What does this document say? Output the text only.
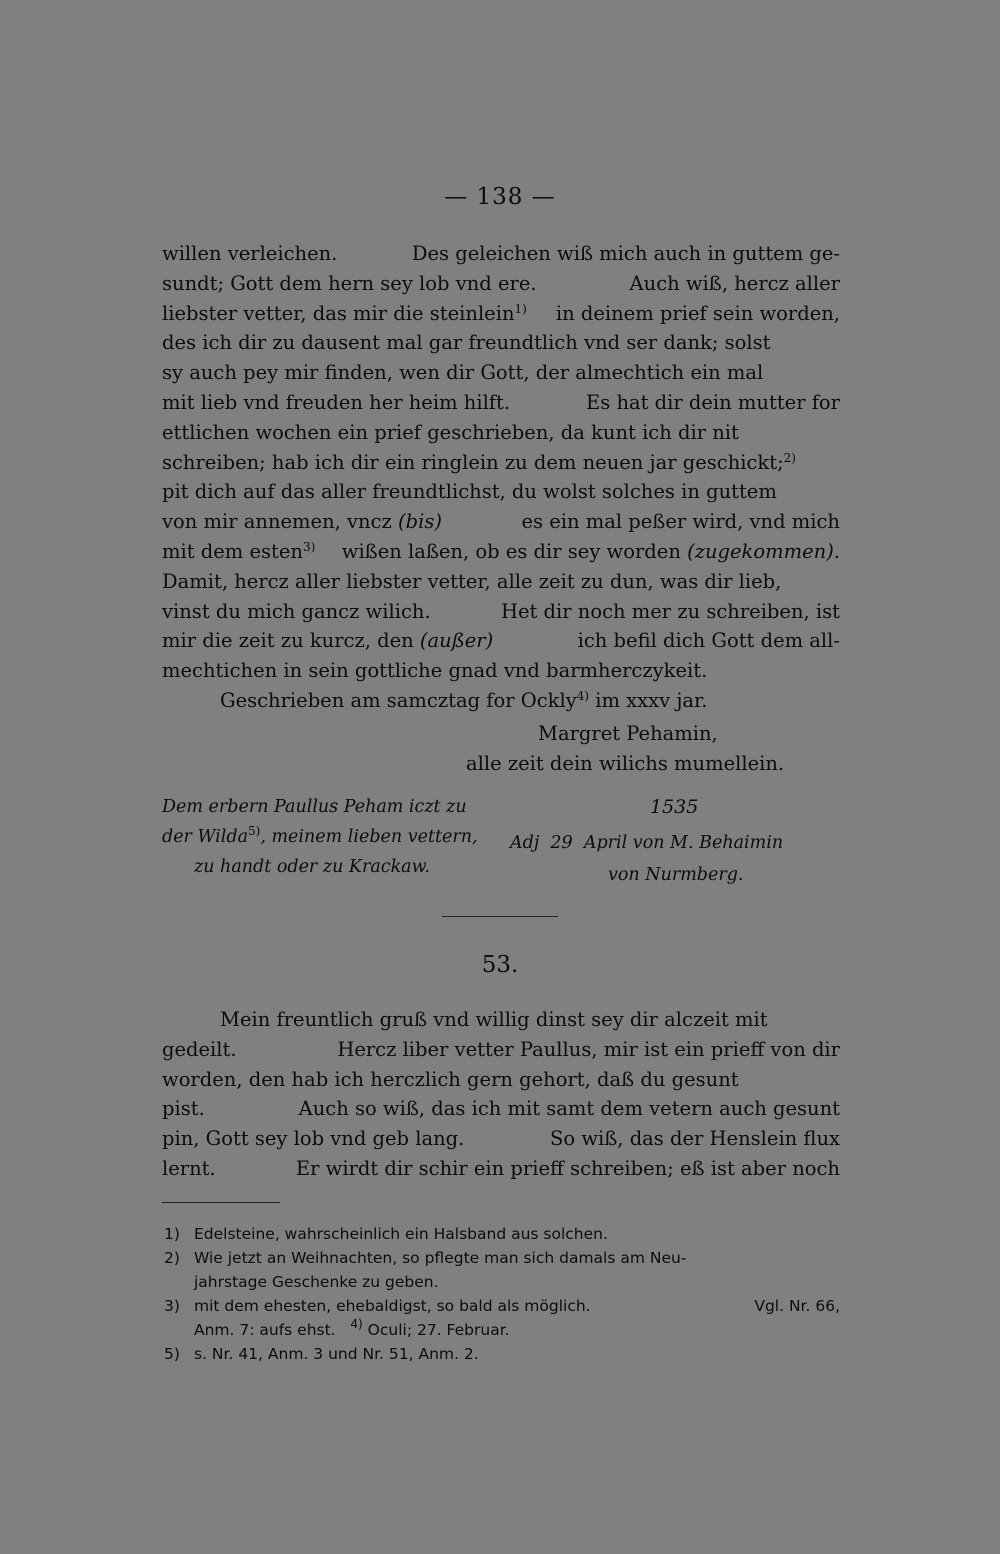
— 138 —
willen verleichen.	Des geleichen wiß mich auch in guttem ge-
sundt; Gott dem hern sey lob vnd ere.	Auch wiß, hercz aller
liebster vetter, das mir die steinlein$^{1)}$ in deinem prief sein worden,
des ich dir zu dausent mal gar freundtlich vnd ser dank; solst
sy auch pey mir finden, wen dir Gott, der almechtich ein mal
mit lieb vnd freuden her heim hilft.	Es hat dir dein mutter for
ettlichen wochen ein prief geschrieben, da kunt ich dir nit
schreiben; hab ich dir ein ringlein zu dem neuen jar geschickt;$^{2)}$
pit dich auf das aller freundtlichst, du wolst solches in guttem
von mir annemen, vncz (bis)	es ein mal peßer wird, vnd mich
mit dem esten$^{3)}$ wißen laßen, ob es dir sey worden (zugekommen).
Damit, hercz aller liebster vetter, alle zeit zu dun, was dir lieb,
vinst du mich gancz wilich.	Het dir noch mer zu schreiben, ist
mir die zeit zu kurcz, den (außer)	ich befil dich Gott dem all-
mechtichen in sein gottliche gnad vnd barmherczykeit.
Geschrieben am samcztag for Ockly$^{4)}$ im xxxv jar.
Margret Pehamin,
alle zeit dein wilichs mumellein.
Dem erbern Paullus Peham iczt zu
der Wilda$^{5)}$, meinem lieben vettern,
zu handt oder zu Krackaw.
1535
Adj 29 April von M. Behaimin
von Nurmberg.
53.
Mein freuntlich gruß vnd willig dinst sey dir alczeit mit
gedeilt.	Hercz liber vetter Paullus, mir ist ein prieff von dir
worden, den hab ich herczlich gern gehort, daß du gesunt
pist.	Auch so wiß, das ich mit samt dem vetern auch gesunt
pin, Gott sey lob vnd geb lang.	So wiß, das der Henslein flux
lernt.	Er wirdt dir schir ein prieff schreiben; eß ist aber noch
1) Edelsteine, wahrscheinlich ein Halsband aus solchen.
2) Wie jetzt an Weihnachten, so pflegte man sich damals am Neu-
jahrstage Geschenke zu geben.
3) mit dem ehesten, ehebaldigst, so bald als möglich.	Vgl. Nr. 66,
Anm. 7: aufs ehst. $^{4)}$ Oculi; 27. Februar.
5) s. Nr. 41, Anm. 3 und Nr. 51, Anm. 2.
